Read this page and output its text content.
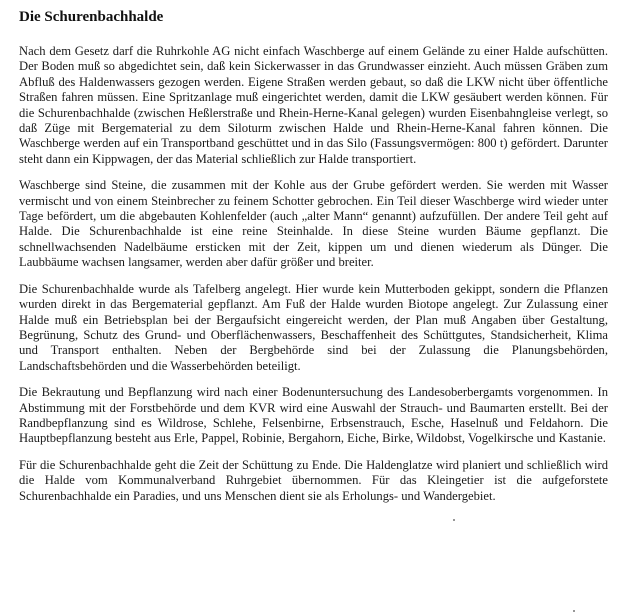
Die Schurenbachhalde

Nach dem Gesetz darf die Ruhrkohle AG nicht einfach Waschberge auf einem Gelände zu einer Halde aufschütten. Der Boden muß so abgedichtet sein, daß kein Sickerwasser in das Grundwasser einzieht. Auch müssen Gräben zum Abfluß des Haldenwassers gezogen werden. Eigene Straßen werden gebaut, so daß die LKW nicht über öffentliche Straßen fahren müssen. Eine Spritzanlage muß eingerichtet werden, damit die LKW gesäubert werden können. Für die Schurenbachhalde (zwischen Heßlerstraße und Rhein-Herne-Kanal gelegen) wurden Eisenbahngleise verlegt, so daß Züge mit Bergematerial zu dem Siloturm zwischen Halde und Rhein-Herne-Kanal fahren können. Die Waschberge werden auf ein Transportband geschüttet und in das Silo (Fassungsvermögen: 800 t) gefördert. Darunter steht dann ein Kippwagen, der das Material schließlich zur Halde transportiert.

Waschberge sind Steine, die zusammen mit der Kohle aus der Grube gefördert werden. Sie werden mit Wasser vermischt und von einem Steinbrecher zu feinem Schotter gebrochen. Ein Teil dieser Waschberge wird wieder unter Tage befördert, um die abgebauten Kohlenfelder (auch „alter Mann“ genannt) aufzufüllen. Der andere Teil geht auf Halde. Die Schurenbachhalde ist eine reine Steinhalde. In diese Steine wurden Bäume gepflanzt. Die schnellwachsenden Nadelbäume ersticken mit der Zeit, kippen um und dienen wiederum als Dünger. Die Laubbäume wachsen langsamer, werden aber dafür größer und breiter.

Die Schurenbachhalde wurde als Tafelberg angelegt. Hier wurde kein Mutterboden gekippt, sondern die Pflanzen wurden direkt in das Bergematerial gepflanzt. Am Fuß der Halde wurden Biotope angelegt. Zur Zulassung einer Halde muß ein Betriebsplan bei der Bergaufsicht eingereicht werden, der Plan muß Angaben über Gestaltung, Begrünung, Schutz des Grund- und Oberflächenwassers, Beschaffenheit des Schüttgutes, Standsicherheit, Klima und Transport enthalten. Neben der Bergbehörde sind bei der Zulassung die Planungsbehörden, Landschaftsbehörden und die Wasserbehörden beteiligt.

Die Bekrautung und Bepflanzung wird nach einer Bodenuntersuchung des Landesoberbergamts vorgenommen. In Abstimmung mit der Forstbehörde und dem KVR wird eine Auswahl der Strauch- und Baumarten erstellt. Bei der Randbepflanzung sind es Wildrose, Schlehe, Felsenbirne, Erbsenstrauch, Esche, Haselnuß und Feldahorn. Die Hauptbepflanzung besteht aus Erle, Pappel, Robinie, Bergahorn, Eiche, Birke, Wildobst, Vogelkirsche und Kastanie.

Für die Schurenbachhalde geht die Zeit der Schüttung zu Ende. Die Haldenglatze wird planiert und schließlich wird die Halde vom Kommunalverband Ruhrgebiet übernommen. Für das Kleingetier ist die aufgeforstete Schurenbachhalde ein Paradies, und uns Menschen dient sie als Erholungs- und Wandergebiet.
